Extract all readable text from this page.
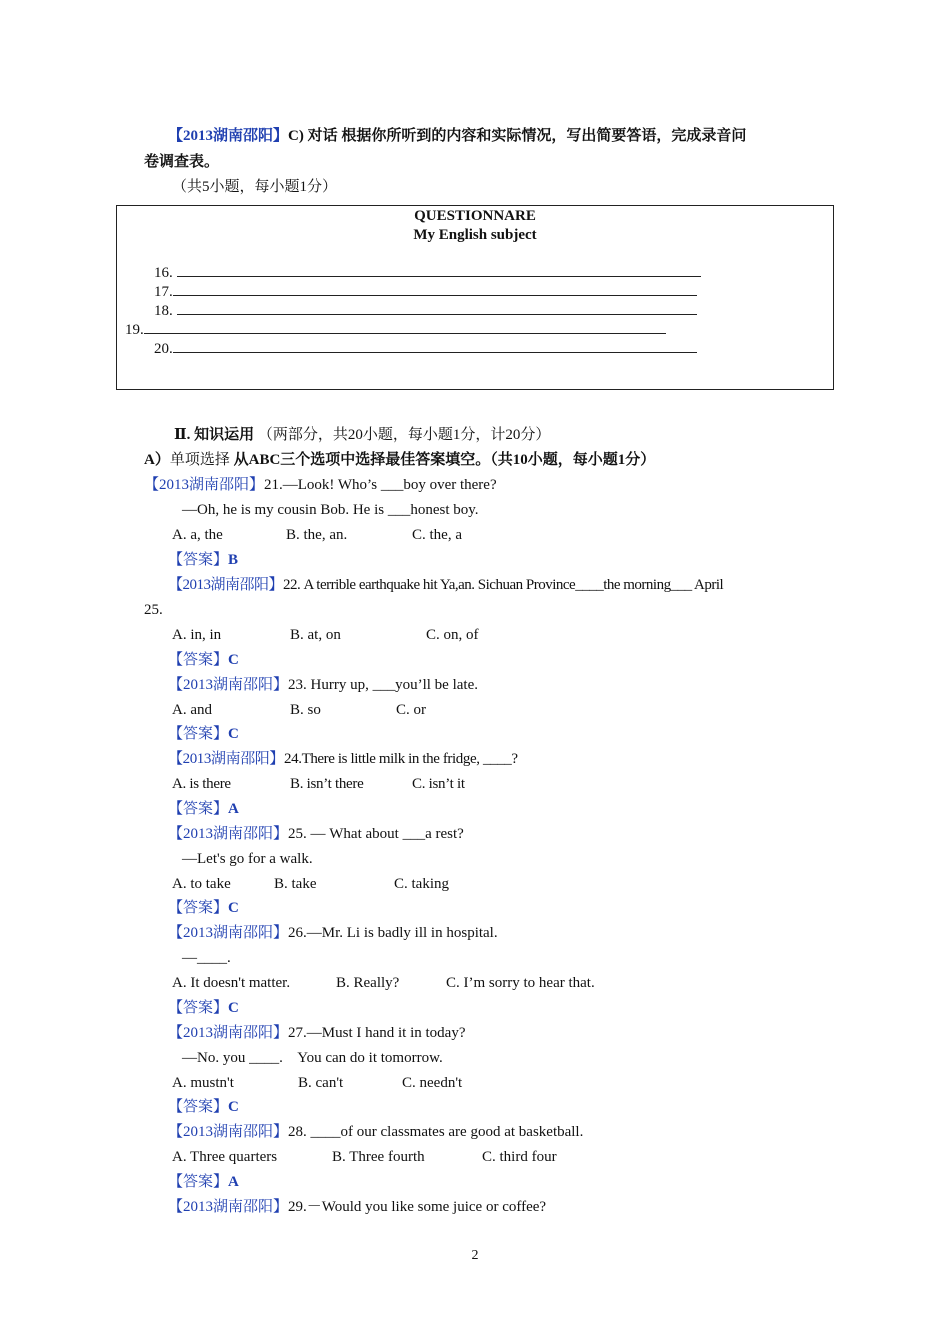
【2013湖南邵阳】C) 对话 根据你所听到的内容和实际情况，写出简要答语，完成录音问
卷调查表。
（共5小题，每小题1分）
QUESTIONNARE
My English subject
16.
17.
18.
19.
20.
Ⅱ. 知识运用 （两部分，共20小题，每小题1分，计20分）
A）单项选择 从ABC三个选项中选择最佳答案填空。（共10小题，每小题1分）
【2013湖南邵阳】21.—Look! Who’s ___boy over there?
—Oh, he is my cousin Bob. He is ___honest boy.
A. a, the	B. the, an.	C. the, a
【答案】B
【2013湖南邵阳】22. A terrible earthquake hit Ya,an. Sichuan Province____the morning___ April
25.
A. in, in	B. at, on	C. on, of
【答案】C
【2013湖南邵阳】23. Hurry up, ___you’ll be late.
A. and	B. so	C. or
【答案】C
【2013湖南邵阳】24.There is little milk in the fridge, ____?
A. is there	B. isn’t there	C. isn’t it
【答案】A
【2013湖南邵阳】25. — What about ___a rest?
—Let's go for a walk.
A. to take	B. take	C. taking
【答案】C
【2013湖南邵阳】26.—Mr. Li is badly ill in hospital.
—____.
A. It doesn't matter.	B. Really?	C. I’m sorry to hear that.
【答案】C
【2013湖南邵阳】27.—Must I hand it in today?
—No. you ____.    You can do it tomorrow.
A. mustn't	B. can't	C. needn't
【答案】C
【2013湖南邵阳】28. ____of our classmates are good at basketball.
A. Three quarters	B. Three fourth	C. third four
【答案】A
【2013湖南邵阳】29.－Would you like some juice or coffee?
2
